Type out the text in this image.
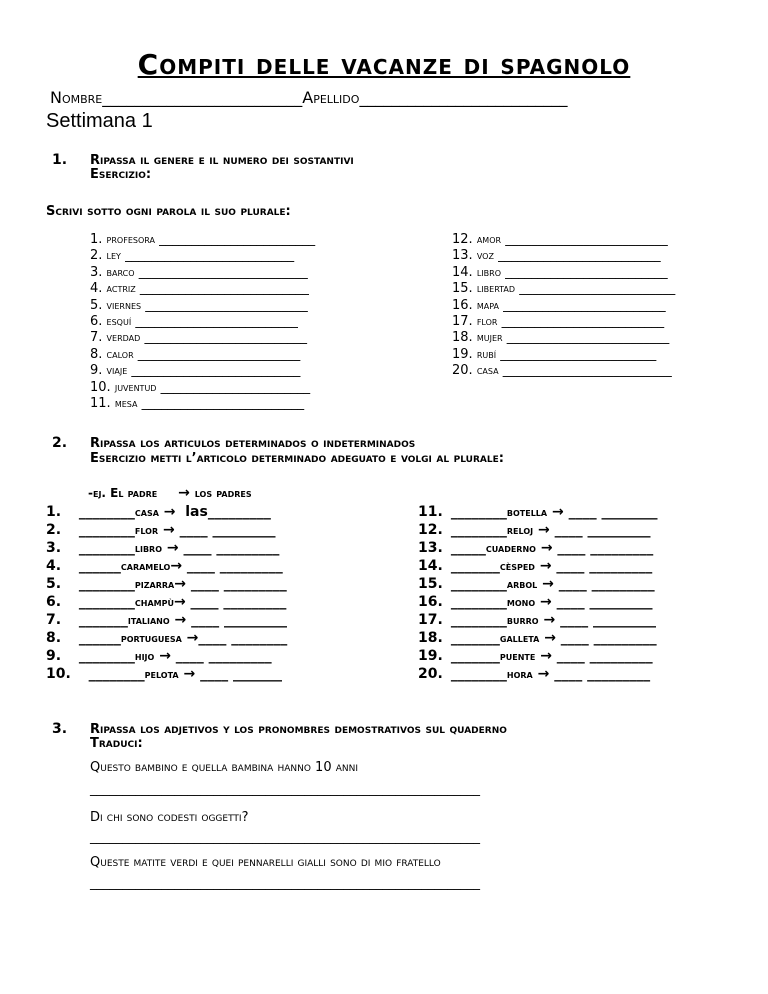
Compiti delle vacanze di spagnolo
Nombre_________________________Apellido__________________________
Settimana 1
1. Ripassa il genere e il numero dei sostantivi
Esercizio:
Scrivi sotto ogni parola il suo plurale:
1. profesora ________________________
2. ley __________________________
3. barco __________________________
4. actriz __________________________
5. viernes _________________________
6. esquí _________________________
7. verdad _________________________
8. calor _________________________
9. viaje __________________________
10. juventud _______________________
11. mesa _________________________
12. amor _________________________
13. voz _________________________
14. libro _________________________
15. libertad ________________________
16. mapa _________________________
17. flor _________________________
18. mujer _________________________
19. rubí ________________________
20. casa __________________________
2. Ripassa los articulos determinados o indeterminados
Esercizio metti l’articolo determinado adeguato e volgi al plurale:
-ej. El padre → los padres
1. ________casa →  las_________
2. ________flor → ____ _________
3. ________libro → ____ _________
4. ______caramelo→ ____ _________
5. ________pizarra→ ____ _________
6. ________champù→ ____ _________
7. _______italiano → ____ _________
8. ______portuguesa →____ ________
9. ________hijo → ____ _________
10.   ________pelota → ____ _______
11. ________botella → ____ ________
12. ________reloj → ____ _________
13. _____cuaderno → ____ _________
14. _______cèsped → ____ _________
15. ________arbol → ____ _________
16. ________mono → ____ _________
17. ________burro → ____ _________
18. _______galleta → ____ _________
19. _______puente → ____ _________
20. ________hora → ____ _________
3. Ripassa los adjetivos y los pronombres demostrativos sul quaderno
Traduci:
Questo bambino e quella bambina hanno 10 anni
____________________________________________________________
Di chi sono codesti oggetti?
____________________________________________________________
Queste matite verdi e quei pennarelli gialli sono di mio fratello
____________________________________________________________
